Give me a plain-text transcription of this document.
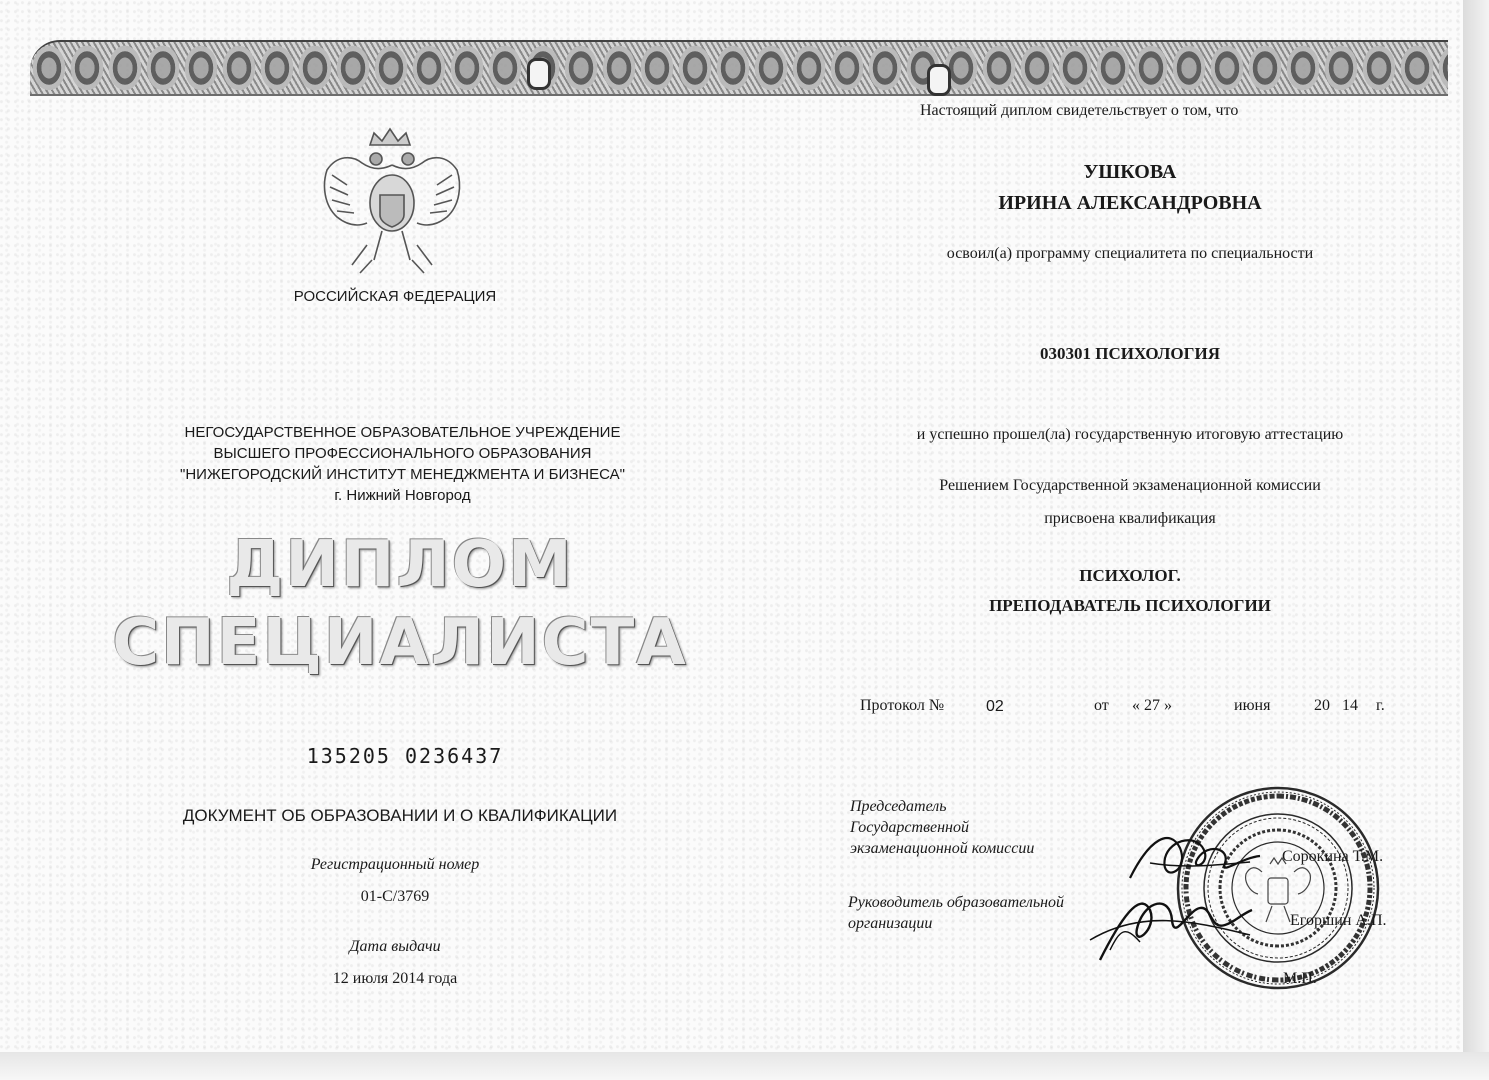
РОССИЙСКАЯ ФЕДЕРАЦИЯ
НЕГОСУДАРСТВЕННОЕ ОБРАЗОВАТЕЛЬНОЕ УЧРЕЖДЕНИЕ
ВЫСШЕГО ПРОФЕССИОНАЛЬНОГО ОБРАЗОВАНИЯ
"НИЖЕГОРОДСКИЙ ИНСТИТУТ МЕНЕДЖМЕНТА И БИЗНЕСА"
г. Нижний Новгород
ДИПЛОМ
СПЕЦИАЛИСТА
135205 0236437
ДОКУМЕНТ ОБ ОБРАЗОВАНИИ И О КВАЛИФИКАЦИИ
Регистрационный номер
01-С/3769
Дата выдачи
12 июля 2014 года
Настоящий диплом свидетельствует о том, что
УШКОВА
ИРИНА АЛЕКСАНДРОВНА
освоил(а) программу специалитета по специальности
030301 ПСИХОЛОГИЯ
и успешно прошел(ла) государственную итоговую аттестацию
Решением Государственной экзаменационной комиссии
присвоена квалификация
ПСИХОЛОГ.
ПРЕПОДАВАТЕЛЬ ПСИХОЛОГИИ
Протокол №	02	от « 27 »	июня	20 14 г.
Председатель
Государственной
экзаменационной комиссии
Руководитель образовательной
организации
Сорокина Т.М.
Егоршин А.П.
М.П.
